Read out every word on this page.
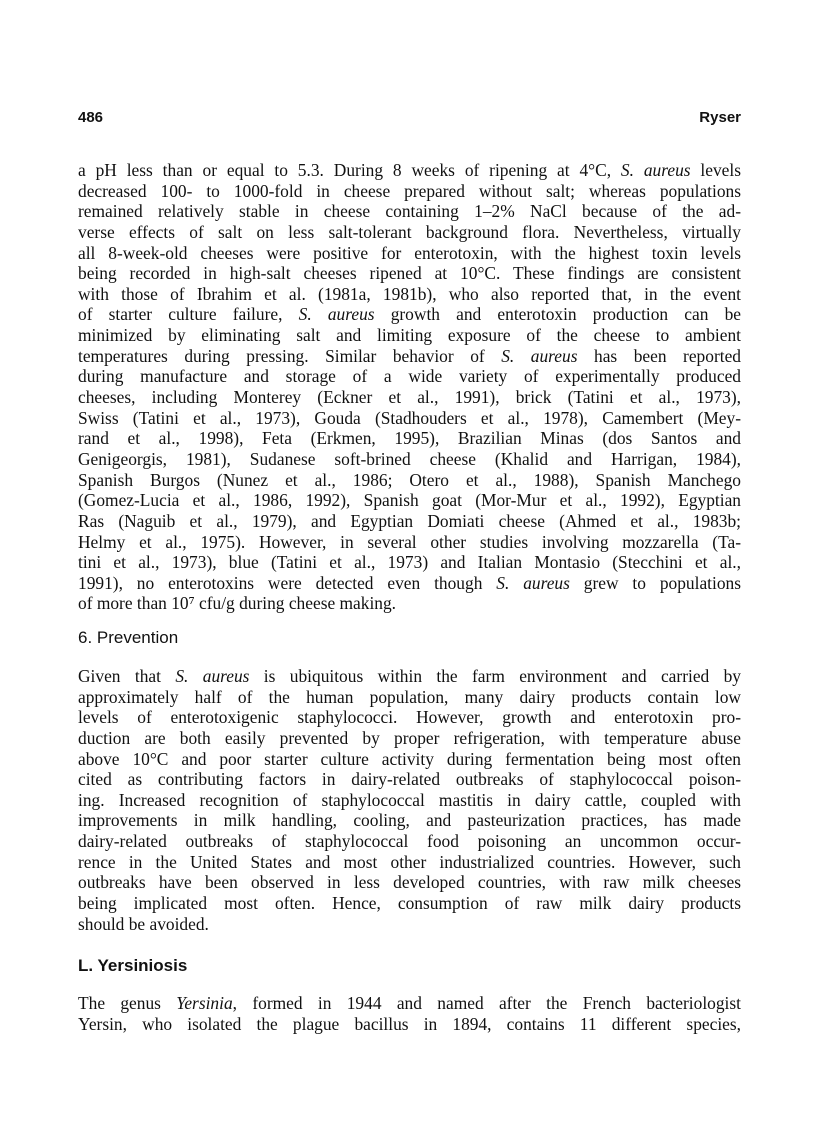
486	Ryser
a pH less than or equal to 5.3. During 8 weeks of ripening at 4°C, S. aureus levels
decreased 100- to 1000-fold in cheese prepared without salt; whereas populations
remained relatively stable in cheese containing 1–2% NaCl because of the ad-
verse effects of salt on less salt-tolerant background flora. Nevertheless, virtually
all 8-week-old cheeses were positive for enterotoxin, with the highest toxin levels
being recorded in high-salt cheeses ripened at 10°C. These findings are consistent
with those of Ibrahim et al. (1981a, 1981b), who also reported that, in the event
of starter culture failure, S. aureus growth and enterotoxin production can be
minimized by eliminating salt and limiting exposure of the cheese to ambient
temperatures during pressing. Similar behavior of S. aureus has been reported
during manufacture and storage of a wide variety of experimentally produced
cheeses, including Monterey (Eckner et al., 1991), brick (Tatini et al., 1973),
Swiss (Tatini et al., 1973), Gouda (Stadhouders et al., 1978), Camembert (Mey-
rand et al., 1998), Feta (Erkmen, 1995), Brazilian Minas (dos Santos and
Genigeorgis, 1981), Sudanese soft-brined cheese (Khalid and Harrigan, 1984),
Spanish Burgos (Nunez et al., 1986; Otero et al., 1988), Spanish Manchego
(Gomez-Lucia et al., 1986, 1992), Spanish goat (Mor-Mur et al., 1992), Egyptian
Ras (Naguib et al., 1979), and Egyptian Domiati cheese (Ahmed et al., 1983b;
Helmy et al., 1975). However, in several other studies involving mozzarella (Ta-
tini et al., 1973), blue (Tatini et al., 1973) and Italian Montasio (Stecchini et al.,
1991), no enterotoxins were detected even though S. aureus grew to populations
of more than 10⁷ cfu/g during cheese making.
6. Prevention
Given that S. aureus is ubiquitous within the farm environment and carried by
approximately half of the human population, many dairy products contain low
levels of enterotoxigenic staphylococci. However, growth and enterotoxin pro-
duction are both easily prevented by proper refrigeration, with temperature abuse
above 10°C and poor starter culture activity during fermentation being most often
cited as contributing factors in dairy-related outbreaks of staphylococcal poison-
ing. Increased recognition of staphylococcal mastitis in dairy cattle, coupled with
improvements in milk handling, cooling, and pasteurization practices, has made
dairy-related outbreaks of staphylococcal food poisoning an uncommon occur-
rence in the United States and most other industrialized countries. However, such
outbreaks have been observed in less developed countries, with raw milk cheeses
being implicated most often. Hence, consumption of raw milk dairy products
should be avoided.
L. Yersiniosis
The genus Yersinia, formed in 1944 and named after the French bacteriologist
Yersin, who isolated the plague bacillus in 1894, contains 11 different species,
